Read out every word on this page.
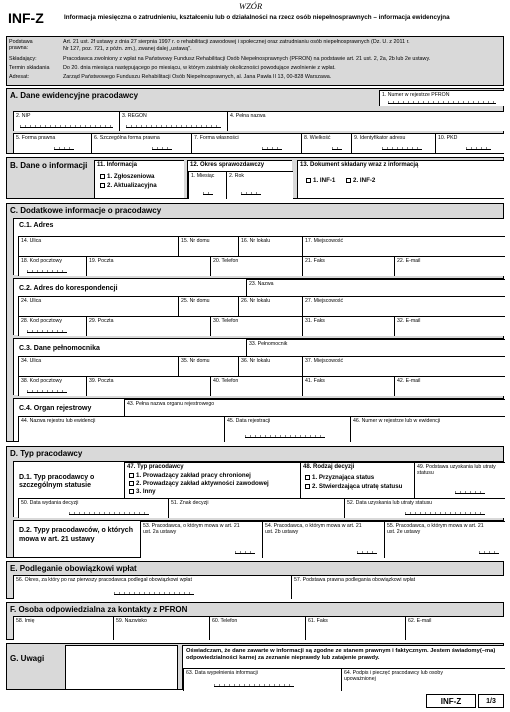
WZÓR
INF-Z	Informacja miesięczna o zatrudnieniu, kształceniu lub o działalności na rzecz osób niepełnosprawnych – informacja ewidencyjna
Podstawa prawna:
Art. 21 ust. 2f ustawy z dnia 27 sierpnia 1997 r. o rehabilitacji zawodowej i społecznej oraz zatrudnianiu osób niepełnosprawnych (Dz. U. z 2011 r.
Nr 127, poz. 721, z późn. zm.), zwanej dalej „ustawą".
Składający:	Pracodawca zwolniony z wpłat na Państwowy Fundusz Rehabilitacji Osób Niepełnosprawnych (PFRON) na podstawie art. 21 ust. 2, 2a, 2b lub 2e ustawy.
Termin składania	Do 20. dnia miesiąca następującego po miesiącu, w którym zaistniały okoliczności powodujące zwolnienie z wpłat.
Adresat:	Zarząd Państwowego Funduszu Rehabilitacji Osób Niepełnosprawnych, al. Jana Pawła II 13, 00-828 Warszawa.
A. Dane ewidencyjne pracodawcy	1. Numer w rejestrze PFRON
2. NIP	3. REGON	4. Pełna nazwa
5. Forma prawna	6. Szczególna forma prawna	7. Forma własności	8. Wielkość	9. Identyfikator adresu	10. PKD
B. Dane o informacji	11. Informacja
1. Zgłoszeniowa
2. Aktualizacyjna
12. Okres sprawozdawczy
1. Miesiąc	2. Rok
13. Dokument składany wraz z informacją
1. INF-1	2. INF-2
C. Dodatkowe informacje o pracodawcy
C.1. Adres
14. Ulica	15. Nr domu	16. Nr lokalu	17. Miejscowość
18. Kod pocztowy	19. Poczta	20. Telefon	21. Faks	22. E-mail
C.2. Adres do korespondencji
23. Nazwa
24. Ulica	25. Nr domu	26. Nr lokalu	27. Miejscowość
28. Kod pocztowy	29. Poczta	30. Telefon	31. Faks	32. E-mail
C.3. Dane pełnomocnika
33. Pełnomocnik
34. Ulica	35. Nr domu	36. Nr lokalu	37. Miejscowość
38. Kod pocztowy	39. Poczta	40. Telefon	41. Faks	42. E-mail
C.4. Organ rejestrowy
43. Pełna nazwa organu rejestrowego
44. Nazwa rejestru lub ewidencji	45. Data rejestracji	46. Numer w rejestrze lub w ewidencji
D. Typ pracodawcy
D.1. Typ pracodawcy o szczególnym statusie
47. Typ pracodawcy
1. Prowadzący zakład pracy chronionej
2. Prowadzący zakład aktywności zawodowej
3. Inny
48. Rodzaj decyzji
1. Przyznająca status
2. Stwierdzająca utratę statusu
49. Podstawa uzyskania lub utraty statusu
50. Data wydania decyzji	51. Znak decyzji	52. Data uzyskania lub utraty statusu
D.2. Typy pracodawców, o których mowa w art. 21 ustawy
53. Pracodawca, o którym mowa w art. 21 ust. 2a ustawy
54. Pracodawca, o którym mowa w art. 21 ust. 2b ustawy
55. Pracodawca, o którym mowa w art. 21 ust. 2e ustawy
E. Podleganie obowiązkowi wpłat
56. Okres, za który po raz pierwszy pracodawca podlegał obowiązkowi wpłat	57. Podstawa prawna podlegania obowiązkowi wpłat
F. Osoba odpowiedzialna za kontakty z PFRON
58. Imię	59. Nazwisko	60. Telefon	61. Faks	62. E-mail
G. Uwagi
Oświadczam, że dane zawarte w informacji są zgodne ze stanem prawnym i faktycznym. Jestem świadomy(–ma) odpowiedzialności karnej za zeznanie nieprawdy lub zatajenie prawdy.
63. Data wypełnienia informacji	64. Podpis i pieczęć pracodawcy lub osoby upoważnionej
INF-Z	1/3
